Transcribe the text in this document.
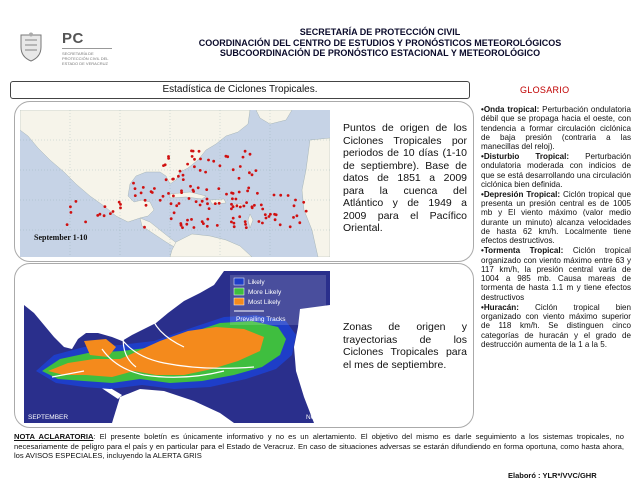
PC
SECRETARÍA DE PROTECCIÓN CIVIL DEL ESTADO DE VERACRUZ
SECRETARÍA DE PROTECCIÓN CIVIL
COORDINACIÓN DEL CENTRO DE ESTUDIOS Y PRONÓSTICOS METEOROLÓGICOS
SUBCOORDINACIÓN DE PRONÓSTICO ESTACIONAL Y METEOROLÓGICO
Estadística de Ciclones Tropicales.
September 1-10
Puntos de origen de los Ciclones Tropicales por periodos de 10 días (1-10 de septiembre). Base de datos de 1851 a 2009 para la cuenca del Atlántico y de 1949 a 2009 para el Pacífico Oriental.
Likely
More Likely
Most Likely
Prevailing Tracks
SEPTEMBER	NOAA
Zonas de origen y trayectorias de los Ciclones Tropicales para el mes de septiembre.
GLOSARIO

•Onda tropical: Perturbación ondulatoria débil que se propaga hacia el oeste, con tendencia a formar circulación ciclónica de baja presión (contraria a las manecillas del reloj).

•Disturbio Tropical: Perturbación ondulatoria moderada con indicios de que se está desarrollando una circulación ciclónica bien definida.

•Depresión Tropical: Ciclón tropical que presenta un presión central es de 1005 mb y El viento máximo (valor medio durante un minuto) alcanza velocidades de hasta 62 km/h. Localmente tiene efectos destructivos.

•Tormenta Tropical: Ciclón tropical organizado con viento máximo entre 63 y 117 km/h, la presión central varía de 1004 a 985 mb. Causa mareas de tormenta de hasta 1.1 m y tiene efectos destructivos

•Huracán: Ciclón tropical bien organizado con viento máximo superior de 118 km/h. Se distinguen cinco categorías de huracán y el grado de destrucción aumenta de la 1 a la 5.

NOTA ACLARATORIA: El presente boletín es únicamente informativo y no es un alertamiento. El objetivo del mismo es darle seguimiento a los sistemas tropicales, no necesariamente de peligro para el país y en particular para el Estado de Veracruz. En caso de situaciones adversas se estarán difundiendo en forma oportuna, como hasta ahora, los AVISOS ESPECIALES, incluyendo la ALERTA GRIS
Elaboró : YLR*/VVC/GHR
